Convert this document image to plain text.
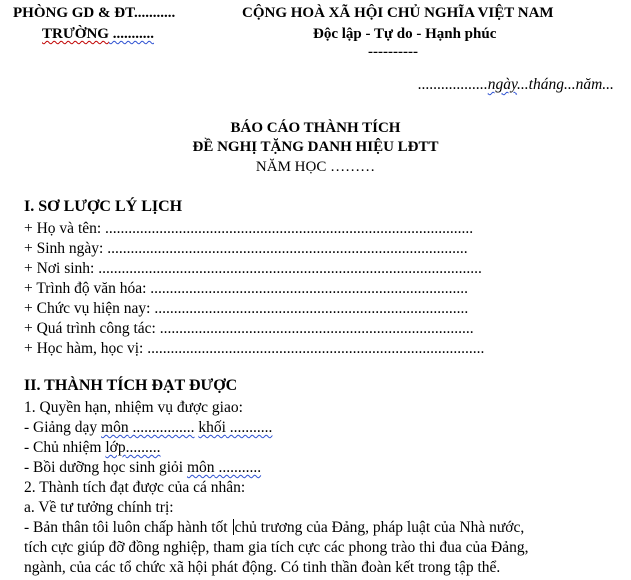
PHÒNG GD & ĐT...........
TRƯỜNG ...........
CỘNG HOÀ XÃ HỘI CHỦ NGHĨA VIỆT NAM
Độc lập - Tự do - Hạnh phúc
----------
..................ngày...tháng...năm...
BÁO CÁO THÀNH TÍCH
ĐỀ NGHỊ TẶNG DANH HIỆU LĐTT
NĂM HỌC ………
I. SƠ LƯỢC LÝ LỊCH
+ Họ và tên: ...............................................................................................
+ Sinh ngày: .............................................................................................
+ Nơi sinh: ...................................................................................................
+ Trình độ văn hóa: ..................................................................................
+ Chức vụ hiện nay: .................................................................................
+ Quá trình công tác: .................................................................................
+ Học hàm, học vị: .......................................................................................
II. THÀNH TÍCH ĐẠT ĐƯỢC
1. Quyền hạn, nhiệm vụ được giao:
- Giảng dạy môn ................ khối ...........
- Chủ nhiệm lớp.........
- Bồi dưỡng học sinh giỏi môn ...........
2. Thành tích đạt được của cá nhân:
a. Về tư tưởng chính trị:
- Bản thân tôi luôn chấp hành tốt chủ trương của Đảng, pháp luật của Nhà nước,
tích cực giúp đỡ đồng nghiệp, tham gia tích cực các phong trào thi đua của Đảng,
ngành, của các tổ chức xã hội phát động. Có tinh thần đoàn kết trong tập thể.
